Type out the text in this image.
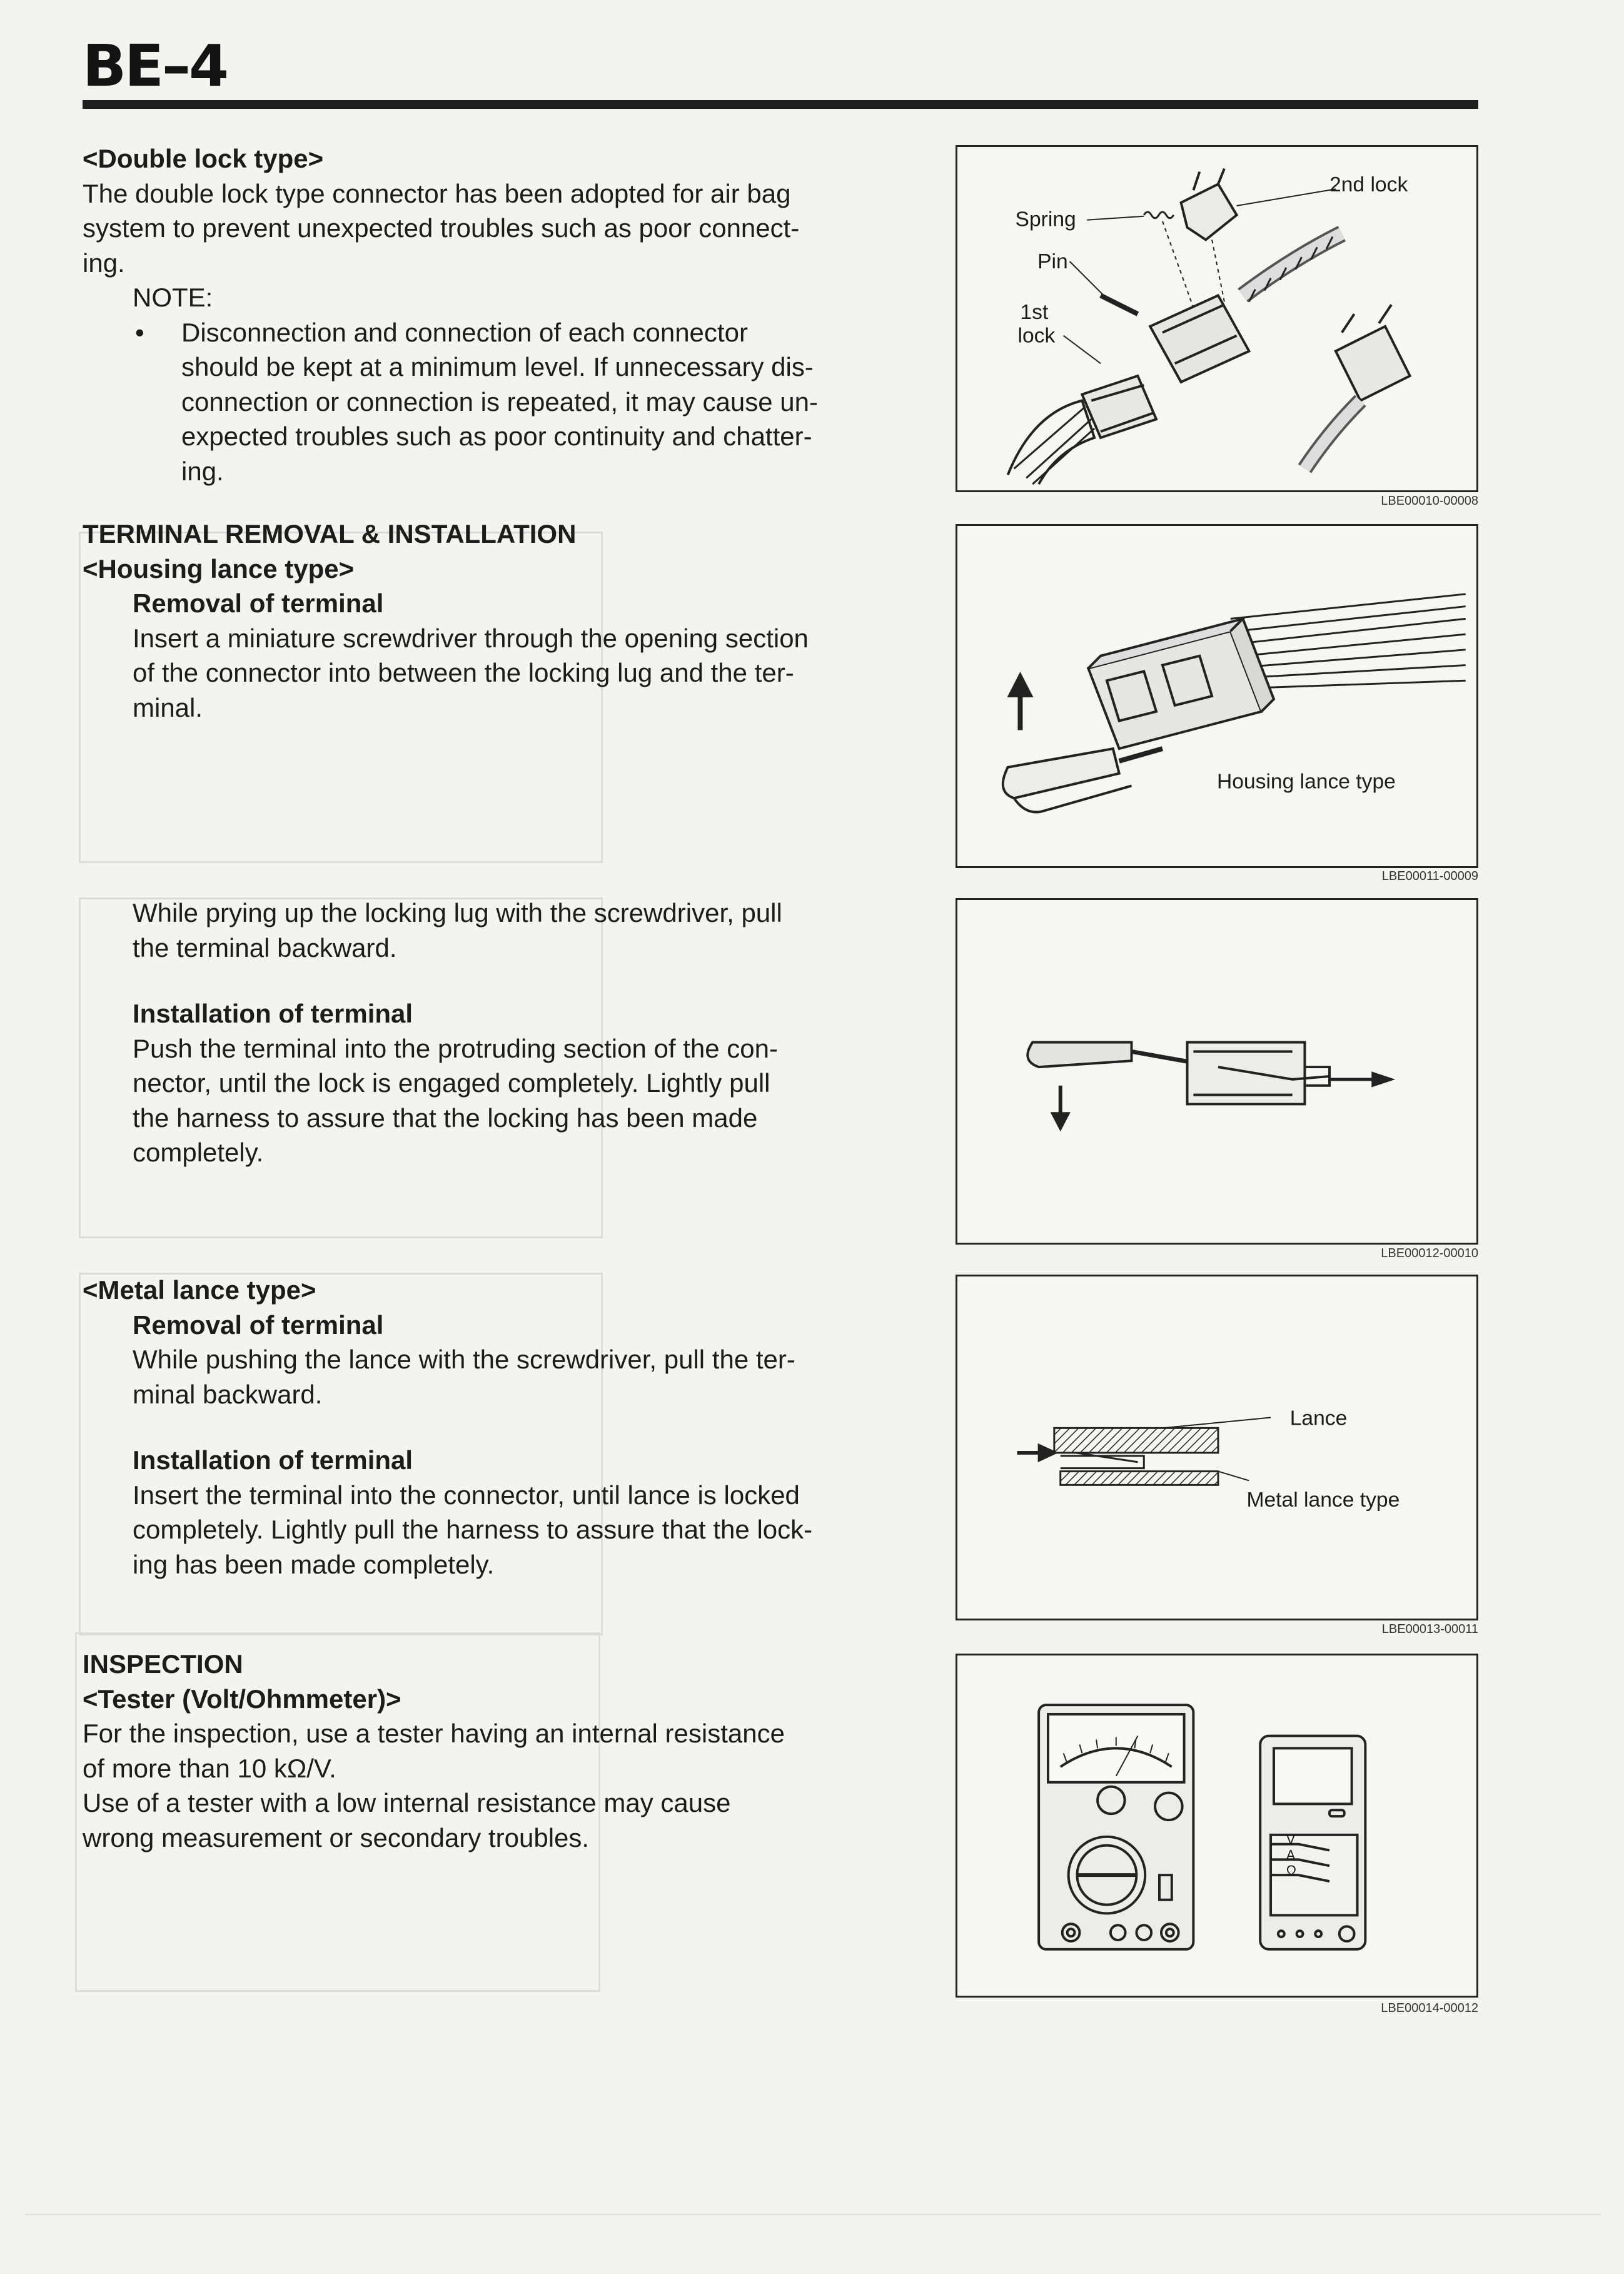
BE–4

<Double lock type>

The double lock type connector has been adopted for air bag

system to prevent unexpected troubles such as poor connect-

ing.

NOTE:

•	Disconnection and connection of each connector

should be kept at a minimum level. If unnecessary dis-

connection or connection is repeated, it may cause un-

expected troubles such as poor continuity and chatter-

ing.

TERMINAL REMOVAL & INSTALLATION

<Housing lance type>

Removal of terminal

Insert a miniature screwdriver through the opening section

of the connector into between the locking lug and the ter-

minal.

While prying up the locking lug with the screwdriver, pull

the terminal backward.

Installation of terminal

Push the terminal into the protruding section of the con-

nector, until the lock is engaged completely. Lightly pull

the harness to assure that the locking has been made

completely.

<Metal lance type>

Removal of terminal

While pushing the lance with the screwdriver, pull the ter-

minal backward.

Installation of terminal

Insert the terminal into the connector, until lance is locked

completely. Lightly pull the harness to assure that the lock-

ing has been made completely.

INSPECTION

<Tester (Volt/Ohmmeter)>

For the inspection, use a tester having an internal resistance

of more than 10 kΩ/V.

Use of a tester with a low internal resistance may cause

wrong measurement or secondary troubles.

Spring
2nd lock
Pin
1st
lock
LBE00010-00008
Housing lance type
LBE00011-00009
LBE00012-00010
Lance
Metal lance type
LBE00013-00011
V
A
Ω
LBE00014-00012
